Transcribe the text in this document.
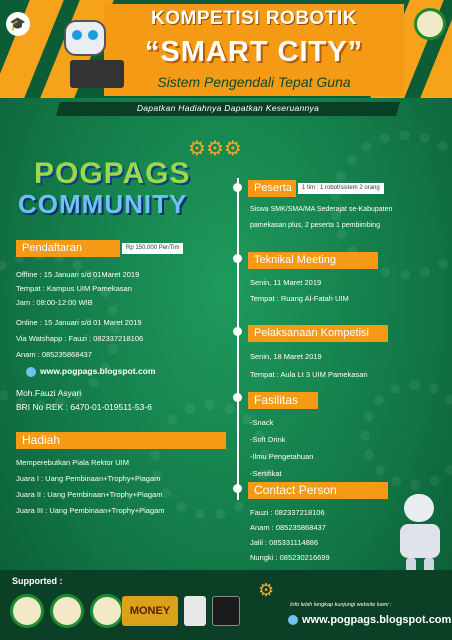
🎓	KOMPETISI ROBOTIK
“SMART CITY”
Sistem Pengendali Tepat Guna
Dapatkan Hadiahnya Dapatkan Keseruannya
⚙⚙⚙
POGPAGS
COMMUNITY
Pendaftaran	Rp 150.000 Per/Tim
Offline : 15 Januari s/d 01Maret 2019
Tempat : Kampus UIM Pamekasan
Jam : 08:00-12:00 WIB
Online : 15 Januari s/d 01 Maret 2019
Via Watshapp : Fauzi : 082337218106
Anam : 085235868437
www.pogpags.blogspot.com
Moh.Fauzi Asyari
BRI No REK : 6470-01-019511-53-6
Hadiah
Memperebutkan Piala Rektor UIM
Juara I : Uang Pembinaan+Trophy+Piagam
Juara II : Uang Pembinaan+Trophy+Piagam
Juara III : Uang Pembinaan+Trophy+Piagam
Peserta	1 tim : 1 robot/sistem 2 orang
Siswa SMK/SMA/MA Sederajat se-Kabupaten
pamekasan plus, 2 peserta 1 pembimbing
Teknikal Meeting
Senin, 11 Maret 2019
Tempat : Ruang Al-Fatah UIM
Pelaksanaan Kompetisi
Senin, 18 Maret 2019
Tempat : Aula Lt 3 UIM Pamekasan
Fasilitas
-Snack
-Soft Drink
-Ilmu Pengetahuan
-Sertifikat
Contact Person
Fauzi : 082337218106
Anam : 085235868437
Jalil : 085331114886
Nungki : 085230216699
Supported :
MONEY
⚙
Info lebih lengkap kunjungi website kami :
www.pogpags.blogspot.com
